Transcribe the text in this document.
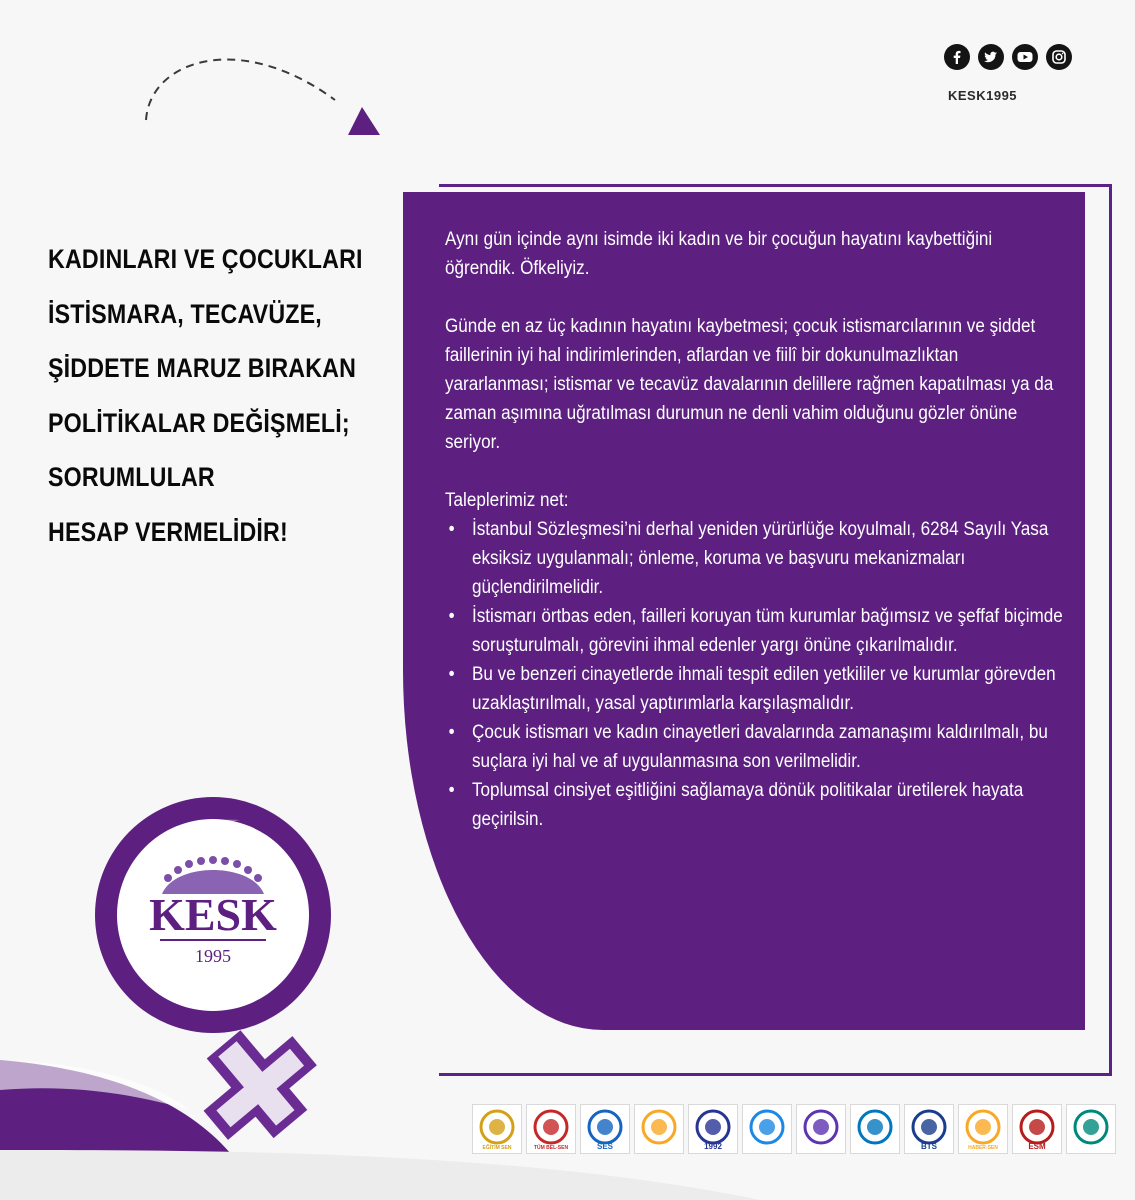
KESK1995
KADINLARI VE ÇOCUKLARI
İSTİSMARA, TECAVÜZE,
ŞİDDETE MARUZ BIRAKAN
POLİTİKALAR DEĞİŞMELİ;
SORUMLULAR
HESAP VERMELİDİR!

Aynı gün içinde aynı isimde iki kadın ve bir çocuğun hayatını kaybettiğini öğrendik. Öfkeliyiz.

Günde en az üç kadının hayatını kaybetmesi; çocuk istismarcılarının ve şiddet faillerinin iyi hal indirimlerinden, aflardan ve fiilî bir dokunulmazlıktan yararlanması; istismar ve tecavüz davalarının delillere rağmen kapatılması ya da zaman aşımına uğratılması durumun ne denli vahim olduğunu gözler önüne seriyor.

Taleplerimiz net:

• İstanbul Sözleşmesi’ni derhal yeniden yürürlüğe koyulmalı, 6284 Sayılı Yasa eksiksiz uygulanmalı; önleme, koruma ve başvuru mekanizmaları güçlendirilmelidir.
• İstismarı örtbas eden, failleri koruyan tüm kurumlar bağımsız ve şeffaf biçimde soruşturulmalı, görevini ihmal edenler yargı önüne çıkarılmalıdır.
• Bu ve benzeri cinayetlerde ihmali tespit edilen yetkililer ve kurumlar görevden uzaklaştırılmalı, yasal yaptırımlarla karşılaşmalıdır.
• Çocuk istismarı ve kadın cinayetleri davalarında zamanaşımı kaldırılmalı, bu suçlara iyi hal ve af uygulanmasına son verilmelidir.
• Toplumsal cinsiyet eşitliğini sağlamaya dönük politikalar üretilerek hayata geçirilsin.
KESK
1995
EĞİTİM SEN	TÜM BEL-SEN	SES	1992	BTS	HABER-SEN	ESM
